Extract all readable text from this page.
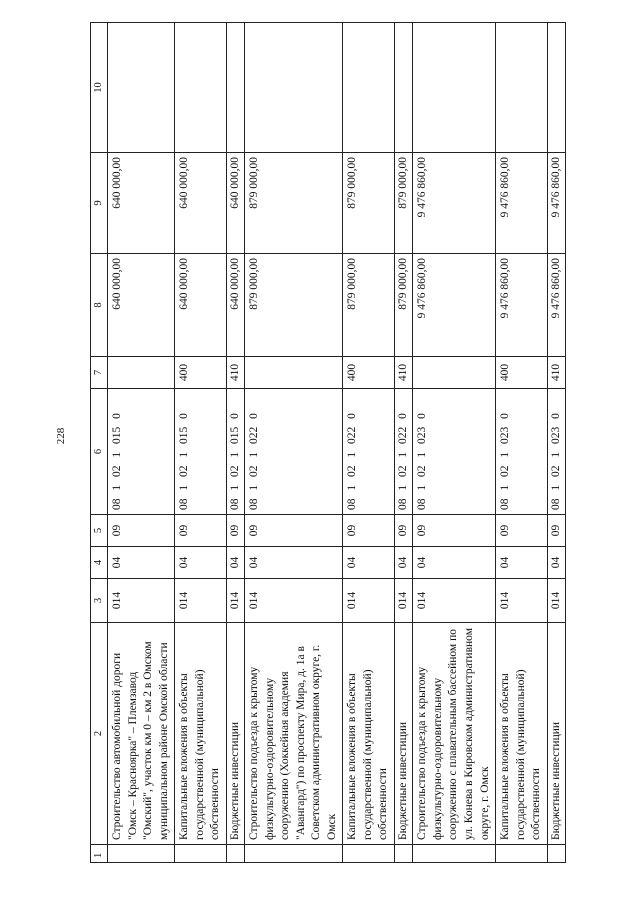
228
1	2	3	4	5	6	7	8	9	10
	Строительство автомобильной дороги "Омск – Красноярка" – Племзавод "Омский", участок км 0 – км 2 в Омском муниципальном районе Омской области	014	04	09	08 1 02 1 015 0		640 000,00	640 000,00	
	Капитальные вложения в объекты государственной (муниципальной) собственности	014	04	09	08 1 02 1 015 0	400	640 000,00	640 000,00	
	Бюджетные инвестиции	014	04	09	08 1 02 1 015 0	410	640 000,00	640 000,00	
	Строительство подъезда к крытому физкультурно-оздоровительному сооружению (Хоккейная академия "Авангард") по проспекту Мира, д. 1а в Советском административном округе, г. Омск	014	04	09	08 1 02 1 022 0		879 000,00	879 000,00	
	Капитальные вложения в объекты государственной (муниципальной) собственности	014	04	09	08 1 02 1 022 0	400	879 000,00	879 000,00	
	Бюджетные инвестиции	014	04	09	08 1 02 1 022 0	410	879 000,00	879 000,00	
	Строительство подъезда к крытому физкультурно-оздоровительному сооружению с плавательным бассейном по ул. Конева в Кировском административном округе, г. Омск	014	04	09	08 1 02 1 023 0		9 476 860,00	9 476 860,00	
	Капитальные вложения в объекты государственной (муниципальной) собственности	014	04	09	08 1 02 1 023 0	400	9 476 860,00	9 476 860,00	
	Бюджетные инвестиции	014	04	09	08 1 02 1 023 0	410	9 476 860,00	9 476 860,00	
